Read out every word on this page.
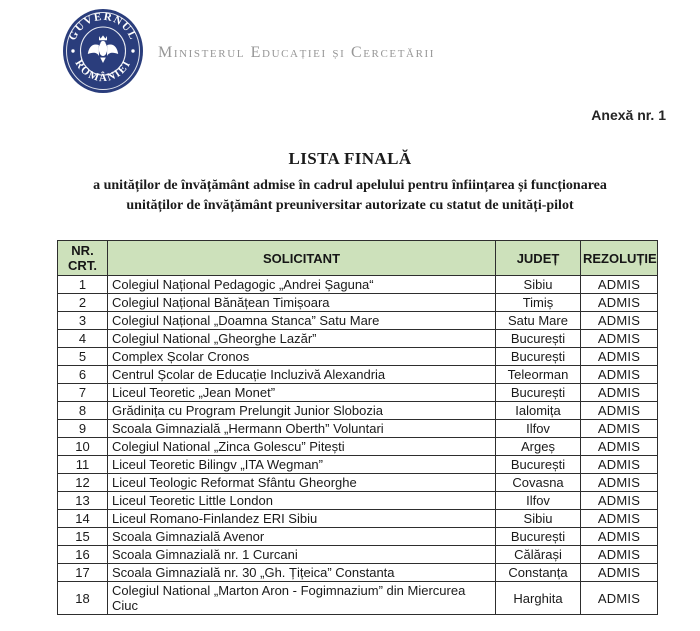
GUVERNUL
ROMÂNIEI
Ministerul Educației și Cercetării
Anexă nr. 1
LISTA FINALĂ
a unităților de învățământ admise în cadrul apelului pentru înființarea și funcționarea
unităților de învățământ preuniversitar autorizate cu statut de unități-pilot
NR. CRT.	SOLICITANT	JUDEȚ	REZOLUȚIE
1	Colegiul Național Pedagogic „Andrei Șaguna“	Sibiu	ADMIS
2	Colegiul Național Bănățean Timișoara	Timiș	ADMIS
3	Colegiul Național „Doamna Stanca” Satu Mare	Satu Mare	ADMIS
4	Colegiul National „Gheorghe Lazăr”	București	ADMIS
5	Complex Școlar Cronos	București	ADMIS
6	Centrul Școlar de Educație Incluzivă Alexandria	Teleorman	ADMIS
7	Liceul Teoretic „Jean Monet”	București	ADMIS
8	Grădinița cu Program Prelungit Junior Slobozia	Ialomița	ADMIS
9	Scoala Gimnazială „Hermann Oberth” Voluntari	Ilfov	ADMIS
10	Colegiul National „Zinca Golescu” Pitești	Argeș	ADMIS
11	Liceul Teoretic Bilingv „ITA Wegman”	București	ADMIS
12	Liceul Teologic Reformat Sfântu Gheorghe	Covasna	ADMIS
13	Liceul Teoretic Little London	Ilfov	ADMIS
14	Liceul Romano-Finlandez ERI Sibiu	Sibiu	ADMIS
15	Scoala Gimnazială Avenor	București	ADMIS
16	Scoala Gimnazială nr. 1 Curcani	Călărași	ADMIS
17	Scoala Gimnazială nr. 30 „Gh. Țițeica” Constanta	Constanța	ADMIS
18	Colegiul National „Marton Aron - Fogimnazium” din Miercurea Ciuc	Harghita	ADMIS
